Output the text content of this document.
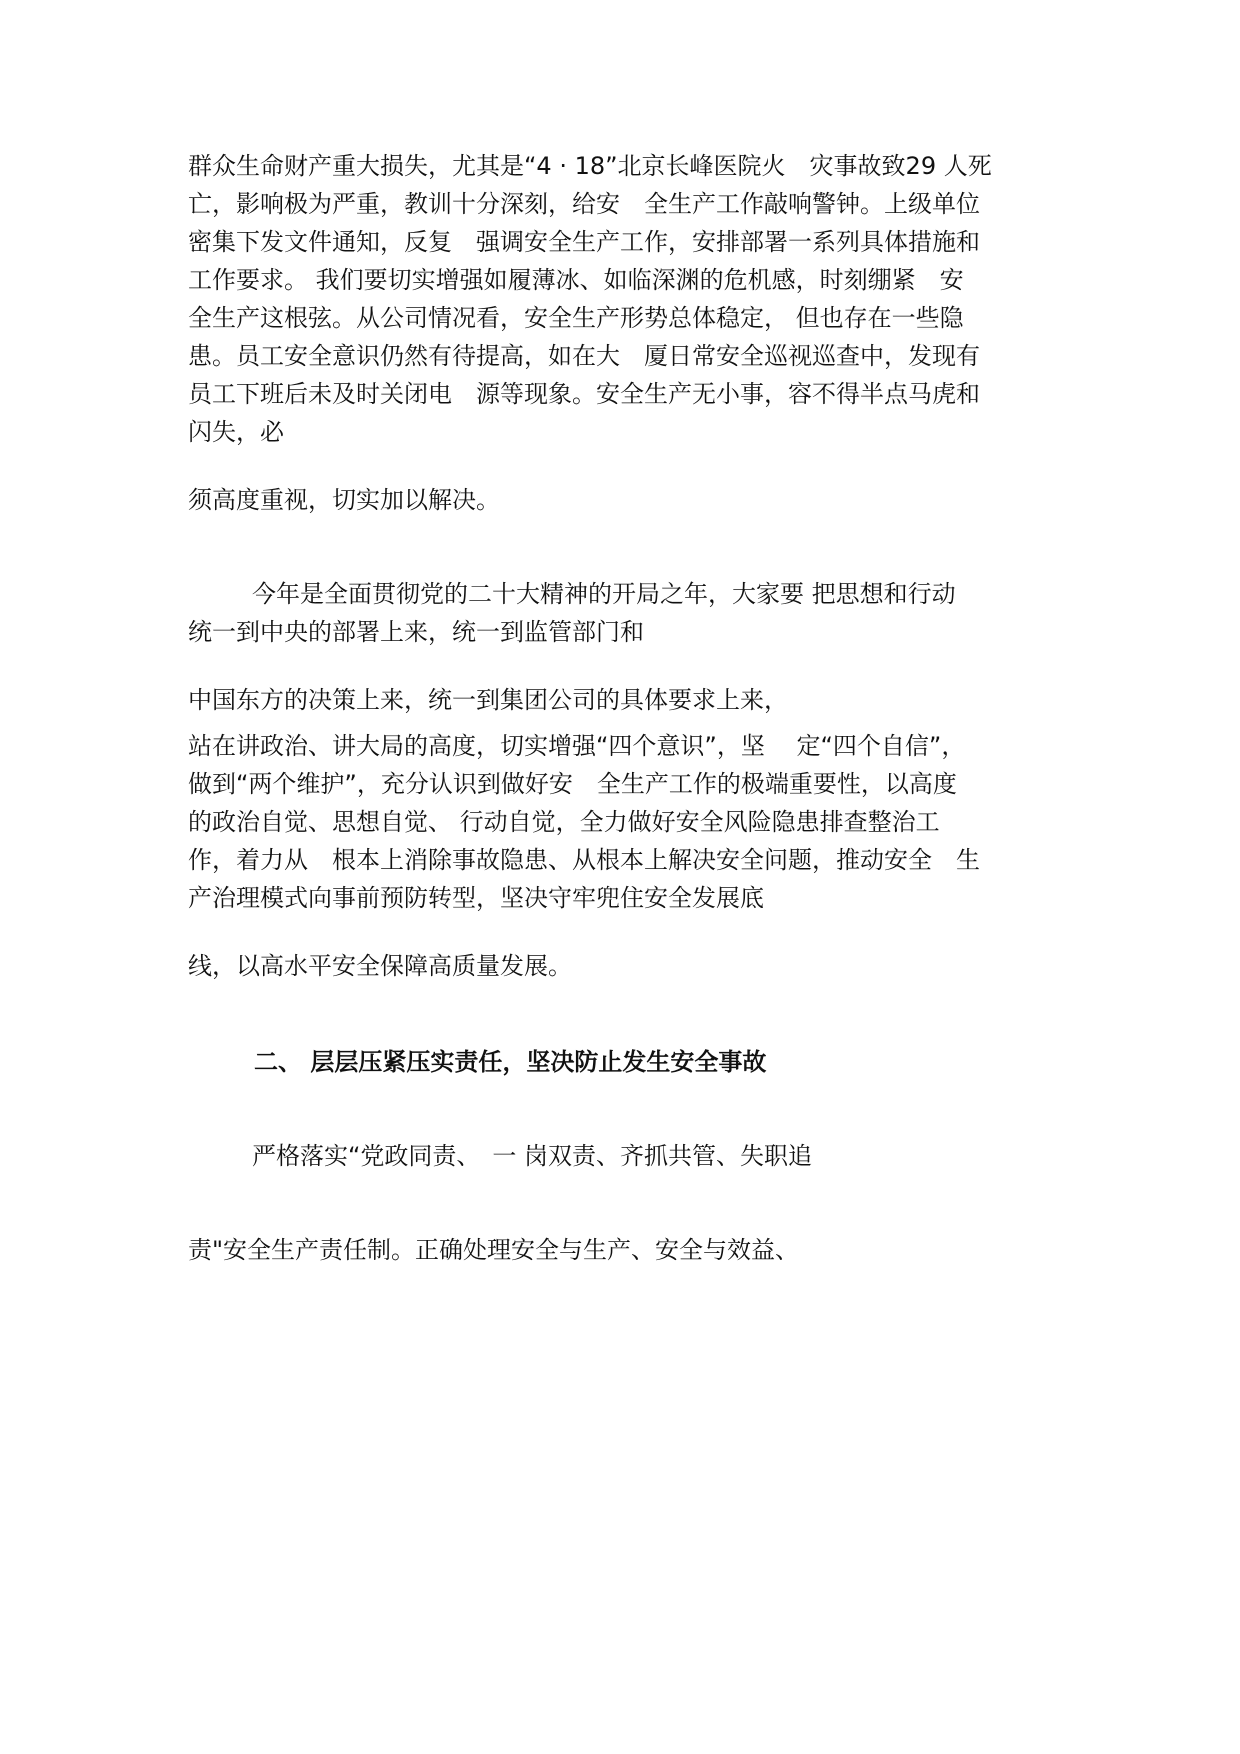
群众生命财产重大损失，尤其是“4 · 18”北京长峰医院火　灾事故致29 人死
亡，影响极为严重，教训十分深刻，给安　全生产工作敲响警钟。上级单位
密集下发文件通知，反复　强调安全生产工作，安排部署一系列具体措施和
工作要求。 我们要切实增强如履薄冰、如临深渊的危机感，时刻绷紧　安
全生产这根弦。从公司情况看，安全生产形势总体稳定， 但也存在一些隐
患。员工安全意识仍然有待提高，如在大　厦日常安全巡视巡查中，发现有
员工下班后未及时关闭电　源等现象。安全生产无小事，容不得半点马虎和
闪失，必
须高度重视，切实加以解决。
今年是全面贯彻党的二十大精神的开局之年，大家要 把思想和行动
统一到中央的部署上来，统一到监管部门和
中国东方的决策上来，统一到集团公司的具体要求上来，
站在讲政治、讲大局的高度，切实增强“四个意识”，坚　 定“四个自信”，
做到“两个维护”，充分认识到做好安　全生产工作的极端重要性，以高度
的政治自觉、思想自觉、 行动自觉，全力做好安全风险隐患排查整治工
作，着力从　根本上消除事故隐患、从根本上解决安全问题，推动安全　生
产治理模式向事前预防转型，坚决守牢兜住安全发展底
线，以高水平安全保障高质量发展。
二、 层层压紧压实责任，坚决防止发生安全事故
严格落实“党政同责、　一 岗双责、齐抓共管、失职追
责"安全生产责任制。正确处理安全与生产、安全与效益、
